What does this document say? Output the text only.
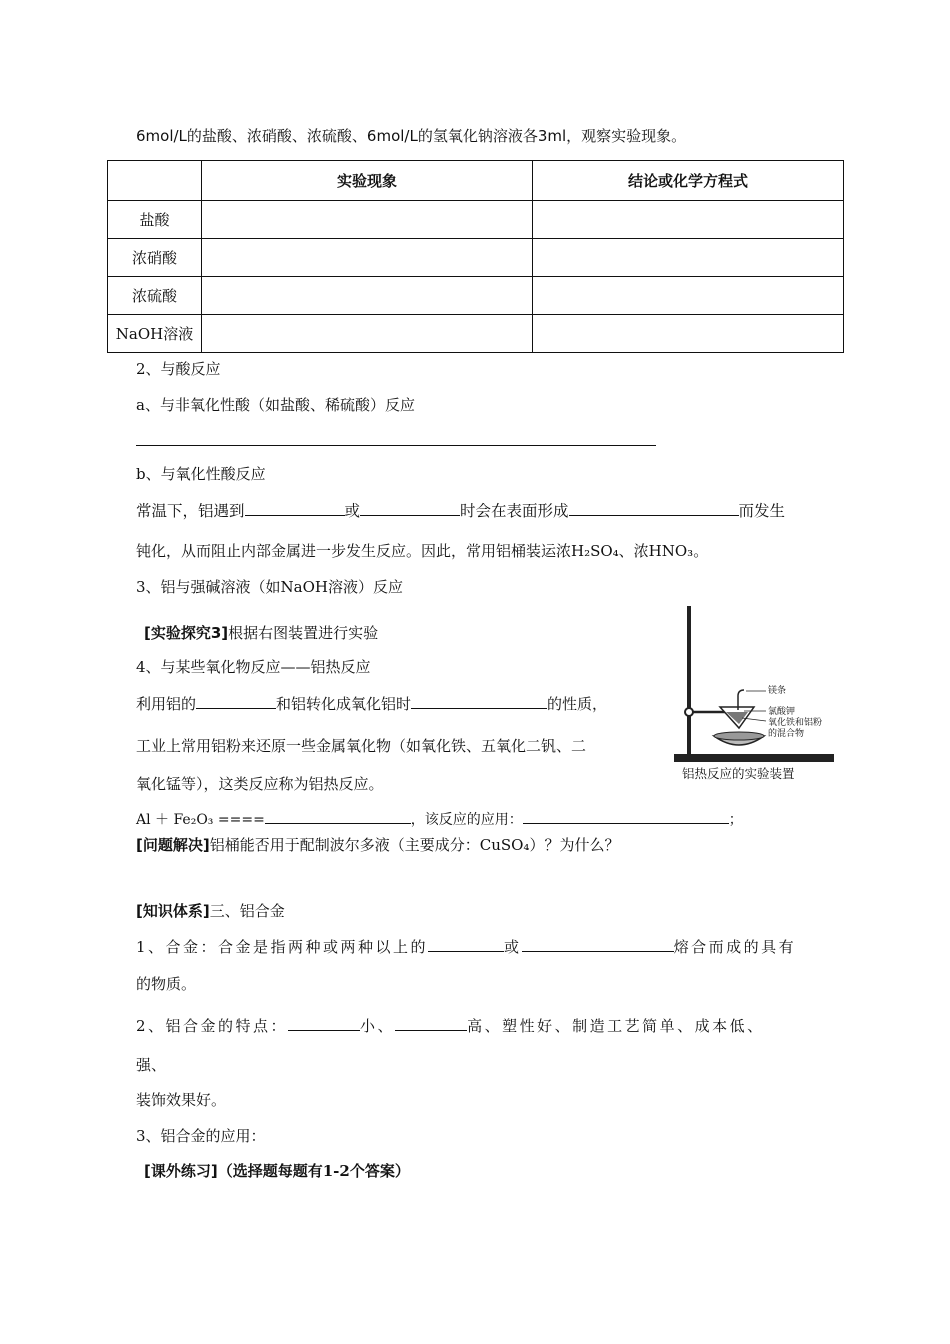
6mol/L的盐酸、浓硝酸、浓硫酸、6mol/L的氢氧化钠溶液各3ml，观察实验现象。
	实验现象	结论或化学方程式
盐酸		
浓硝酸		
浓硫酸		
NaOH溶液		
2、与酸反应
a、与非氧化性酸（如盐酸、稀硫酸）反应
b、与氧化性酸反应
常温下，铝遇到	或	时会在表面形成	而发生
钝化，从而阻止内部金属进一步发生反应。因此，常用铝桶装运浓H₂SO₄、浓HNO₃。
3、铝与强碱溶液（如NaOH溶液）反应
[实验探究3]根据右图装置进行实验
4、与某些氧化物反应——铝热反应
利用铝的	和铝转化成氧化铝时	的性质，
工业上常用铝粉来还原一些金属氧化物（如氧化铁、五氧化二钒、二
氧化锰等），这类反应称为铝热反应。
Al ＋ Fe₂O₃ ====	，该反应的应用：	；
镁条
氯酸钾
氧化铁和铝粉
的混合物
铝热反应的实验装置
[问题解决]铝桶能否用于配制波尔多液（主要成分：CuSO₄）？为什么？
[知识体系]三、铝合金
1、合金：合金是指两种或两种以上的	或	熔合而成的具有
的物质。
2、铝合金的特点：	小、	高、塑性好、制造工艺简单、成本低、
强、
装饰效果好。
3、铝合金的应用：
[课外练习]（选择题每题有1-2个答案）
